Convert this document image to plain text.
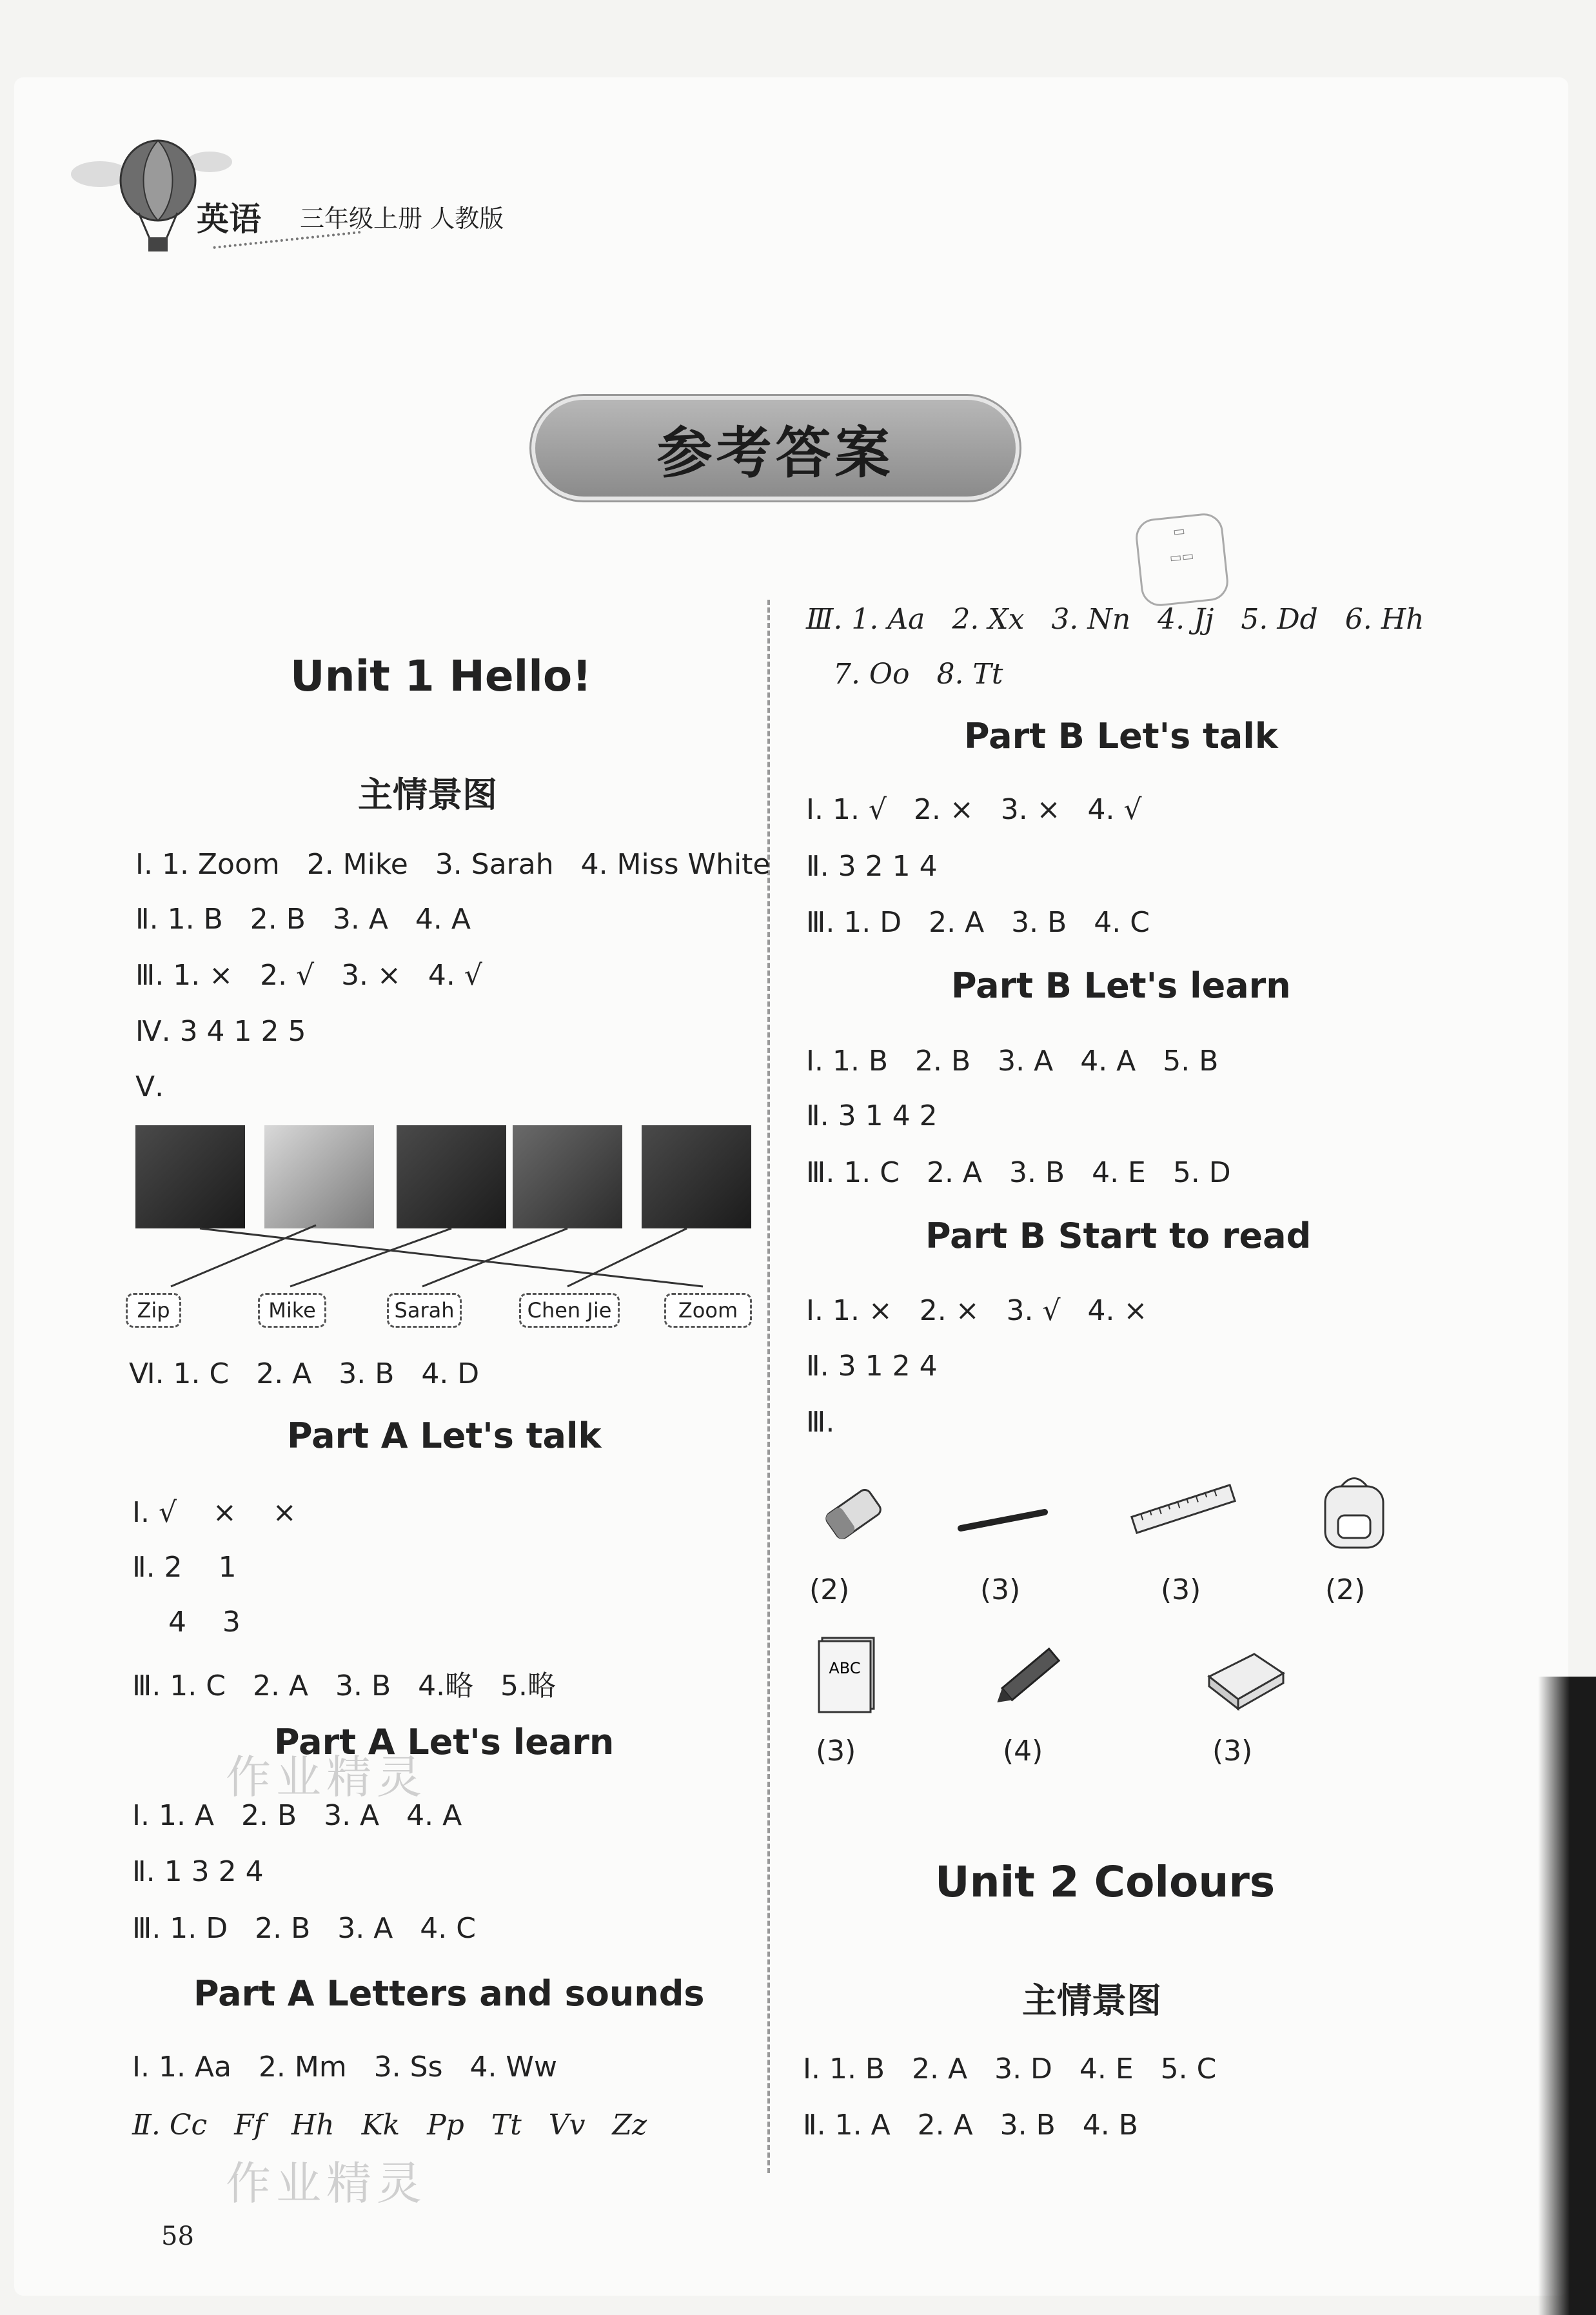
英语 三年级上册 人教版
参考答案
▭
▭▭
Unit 1 Hello!
主情景图
Ⅰ. 1. Zoom   2. Mike   3. Sarah   4. Miss White
Ⅱ. 1. B   2. B   3. A   4. A
Ⅲ. 1. ×   2. √   3. ×   4. √
Ⅳ. 3 4 1 2 5
Ⅴ.
Zip	Mike	Sarah	Chen Jie	Zoom
Ⅵ. 1. C   2. A   3. B   4. D
Part A Let's talk
Ⅰ. √    ×    ×
Ⅱ. 2    1
4    3
Ⅲ. 1. C   2. A   3. B   4.略   5.略
Part A Let's learn
Ⅰ. 1. A   2. B   3. A   4. A
Ⅱ. 1 3 2 4
Ⅲ. 1. D   2. B   3. A   4. C
Part A Letters and sounds
Ⅰ. 1. Aa   2. Mm   3. Ss   4. Ww
Ⅱ. Cc   Ff   Hh   Kk   Pp   Tt   Vv   Zz
作业精灵
作业精灵
58
Ⅲ. 1. Aa   2. Xx   3. Nn   4. Jj   5. Dd   6. Hh
7. Oo   8. Tt
Part B Let's talk
Ⅰ. 1. √   2. ×   3. ×   4. √
Ⅱ. 3 2 1 4
Ⅲ. 1. D   2. A   3. B   4. C
Part B Let's learn
Ⅰ. 1. B   2. B   3. A   4. A   5. B
Ⅱ. 3 1 4 2
Ⅲ. 1. C   2. A   3. B   4. E   5. D
Part B Start to read
Ⅰ. 1. ×   2. ×   3. √   4. ×
Ⅱ. 3 1 2 4
Ⅲ.
(2)	(3)	(3)	(2)
ABC
(3)	(4)	(3)
Unit 2 Colours
主情景图
Ⅰ. 1. B   2. A   3. D   4. E   5. C
Ⅱ. 1. A   2. A   3. B   4. B
